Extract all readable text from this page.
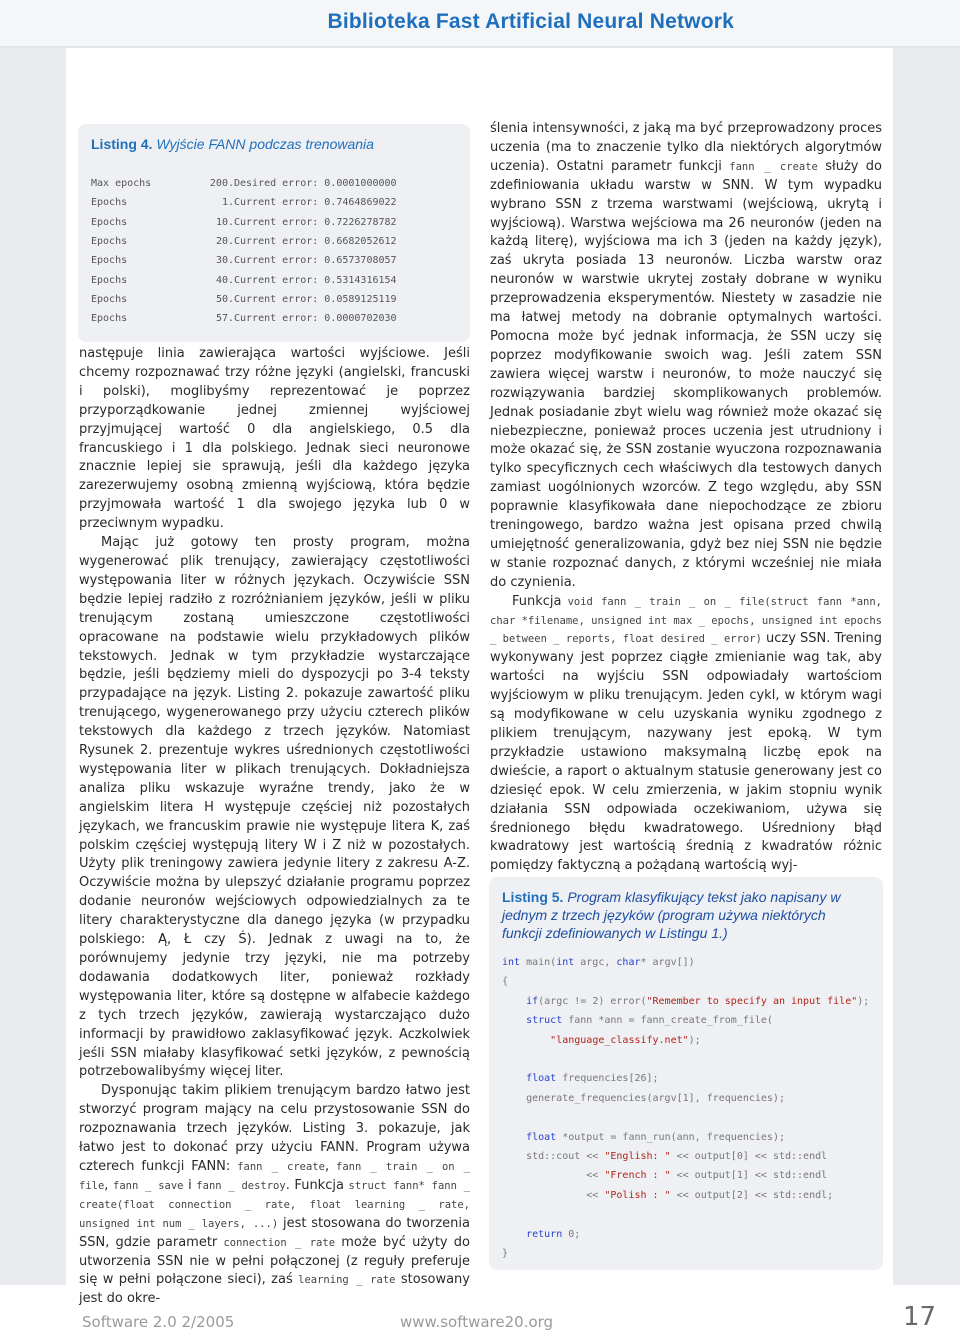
Biblioteka Fast Artificial Neural Network
Listing 4. Wyjście FANN podczas trenowania
Max epochs	200. Desired error: 0.0001000000
Epochs	1. Current error: 0.7464869022
Epochs	10. Current error: 0.7226278782
Epochs	20. Current error: 0.6682052612
Epochs	30. Current error: 0.6573708057
Epochs	40. Current error: 0.5314316154
Epochs	50. Current error: 0.0589125119
Epochs	57. Current error: 0.0000702030

następuje linia zawierająca wartości wyjściowe. Jeśli chcemy rozpoznawać trzy różne języki (angielski, francuski i polski), moglibyśmy reprezentować je poprzez przyporządkowanie jednej zmiennej wyjściowej przyjmującej wartość 0 dla angielskiego, 0.5 dla francuskiego i 1 dla polskiego. Jednak sieci neuronowe znacznie lepiej sie sprawują, jeśli dla każdego języka zarezerwujemy osobną zmienną wyjściową, która będzie przyjmowała wartość 1 dla swojego języka lub 0 w przeciwnym wypadku.

Mając już gotowy ten prosty program, można wygenerować plik trenujący, zawierający częstotliwości występowania liter w różnych językach. Oczywiście SSN będzie lepiej radziło z rozróżnianiem języków, jeśli w pliku trenującym zostaną umieszczone częstotliwości opracowane na podstawie wielu przykładowych plików tekstowych. Jednak w tym przykładzie wystarczające będzie, jeśli będziemy mieli do dyspozycji po 3-4 teksty przypadające na język. Listing 2. pokazuje zawartość pliku trenującego, wygenerowanego przy użyciu czterech plików tekstowych dla każdego z trzech języków. Natomiast Rysunek 2. prezentuje wykres uśrednionych częstotliwości występowania liter w plikach trenujących. Dokładniejsza analiza pliku wskazuje wyraźne trendy, jako że w angielskim litera H występuje częściej niż pozostałych językach, we francuskim prawie nie występuje litera K, zaś polskim częściej występują litery W i Z niż w pozostałych. Użyty plik treningowy zawiera jedynie litery z zakresu A-Z. Oczywiście można by ulepszyć działanie programu poprzez dodanie neuronów wejściowych odpowiedzialnych za te litery charakterystyczne dla danego języka (w przypadku polskiego: Ą, Ł czy Ś). Jednak z uwagi na to, że porównujemy jedynie trzy języki, nie ma potrzeby dodawania dodatkowych liter, ponieważ rozkłady występowania liter, które są dostępne w alfabecie każdego z tych trzech języków, zawierają wystarczająco dużo informacji by prawidłowo zaklasyfikować język. Aczkolwiek jeśli SSN miałaby klasyfikować setki języków, z pewnością potrzebowalibyśmy więcej liter.

Dysponując takim plikiem trenującym bardzo łatwo jest stworzyć program mający na celu przystosowanie SSN do rozpoznawania trzech języków. Listing 3. pokazuje, jak łatwo jest to dokonać przy użyciu FANN. Program używa czterech funkcji FANN: fann _ create, fann _ train _ on _ file, fann _ save i fann _ destroy. Funkcja struct fann* fann _ create(float connection _ rate, float learning _ rate, unsigned int num _ layers, ...) jest stosowana do tworzenia SSN, gdzie parametr connection _ rate może być użyty do utworzenia SSN nie w pełni połączonej (z reguły preferuje się w pełni połączone sieci), zaś learning _ rate stosowany jest do okre-

ślenia intensywności, z jaką ma być przeprowadzony proces uczenia (ma to znaczenie tylko dla niektórych algorytmów uczenia). Ostatni parametr funkcji fann _ create służy do zdefiniowania układu warstw w SNN. W tym wypadku wybrano SSN z trzema warstwami (wejściową, ukrytą i wyjściową). Warstwa wejściowa ma 26 neuronów (jeden na każdą literę), wyjściowa ma ich 3 (jeden na każdy język), zaś ukryta posiada 13 neuronów. Liczba warstw oraz neuronów w warstwie ukrytej zostały dobrane w wyniku przeprowadzenia eksperymentów. Niestety w zasadzie nie ma łatwej metody na dobranie optymalnych wartości. Pomocna może być jednak informacja, że SSN uczy się poprzez modyfikowanie swoich wag. Jeśli zatem SSN zawiera więcej warstw i neuronów, to może nauczyć się rozwiązywania bardziej skomplikowanych problemów. Jednak posiadanie zbyt wielu wag również może okazać się niebezpieczne, ponieważ proces uczenia jest utrudniony i może okazać się, że SSN zostanie wyuczona rozpoznawania tylko specyficznych cech właściwych dla testowych danych zamiast uogólnionych wzorców. Z tego względu, aby SSN poprawnie klasyfikowała dane niepochodzące ze zbioru treningowego, bardzo ważna jest opisana przed chwilą umiejętność generalizowania, gdyż bez niej SSN nie będzie w stanie rozpoznać danych, z którymi wcześniej nie miała do czynienia.

Funkcja void fann _ train _ on _ file(struct fann *ann, char *filename, unsigned int max _ epochs, unsigned int epochs _ between _ reports, float desired _ error) uczy SSN. Trening wykonywany jest poprzez ciągłe zmienianie wag tak, aby wartości na wyjściu SSN odpowiadały wartościom wyjściowym w pliku trenującym. Jeden cykl, w którym wagi są modyfikowane w celu uzyskania wyniku zgodnego z plikiem trenującym, nazywany jest epoką. W tym przykładzie ustawiono maksymalną liczbę epok na dwieście, a raport o aktualnym statusie generowany jest co dziesięć epok. W celu zmierzenia, w jakim stopniu wynik działania SSN odpowiada oczekiwaniom, używa się średnionego błędu kwadratowego. Uśredniony błąd kwadratowy jest wartością średnią z kwadratów różnic pomiędzy faktyczną a pożądaną wartością wyj-

Listing 5. Program klasyfikujący tekst jako napisany w jednym z trzech języków (program używa niektórych funkcji zdefiniowanych w Listingu 1.)
int main(int argc, char* argv[])
{
if(argc != 2) error("Remember to specify an input file");
struct fann *ann = fann_create_from_file(
"language_classify.net");
float frequencies[26];
generate_frequencies(argv[1], frequencies);
float *output = fann_run(ann, frequencies);
std::cout << "English: " << output[0] << std::endl
<< "French : " << output[1] << std::endl
<< "Polish : " << output[2] << std::endl;
return 0;
}
Software 2.0 2/2005	www.software20.org	17
